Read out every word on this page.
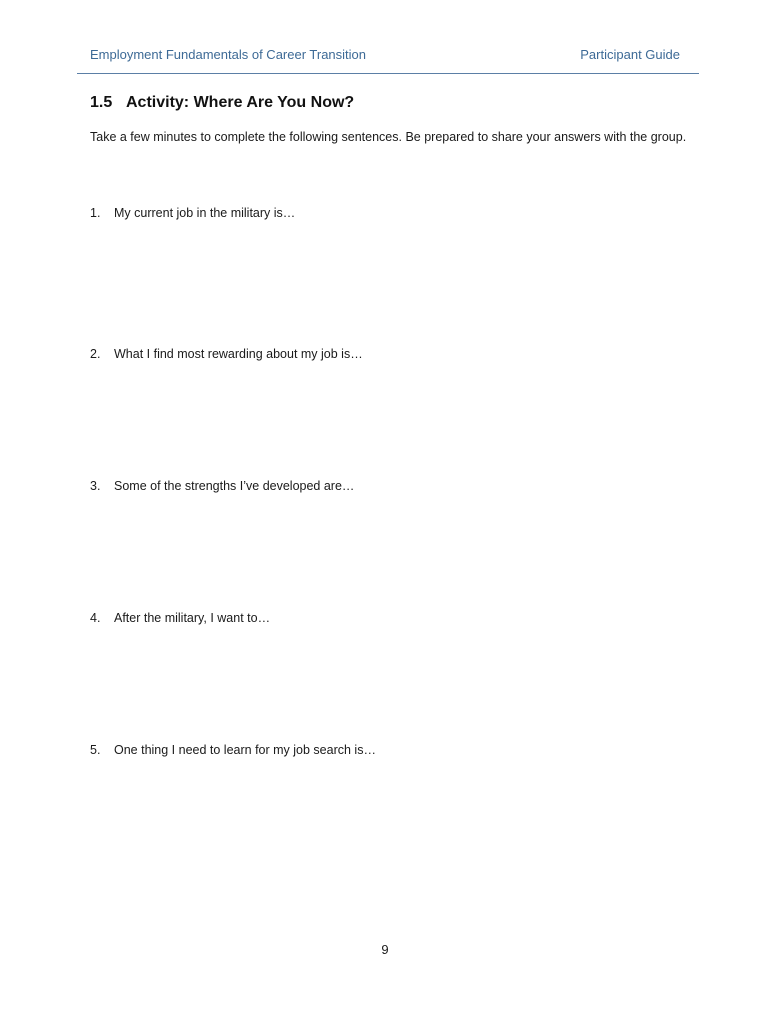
Employment Fundamentals of Career Transition	Participant Guide
1.5 Activity: Where Are You Now?
Take a few minutes to complete the following sentences. Be prepared to share your answers with the group.
1. My current job in the military is…
2. What I find most rewarding about my job is…
3. Some of the strengths I’ve developed are…
4. After the military, I want to…
5. One thing I need to learn for my job search is…
9
